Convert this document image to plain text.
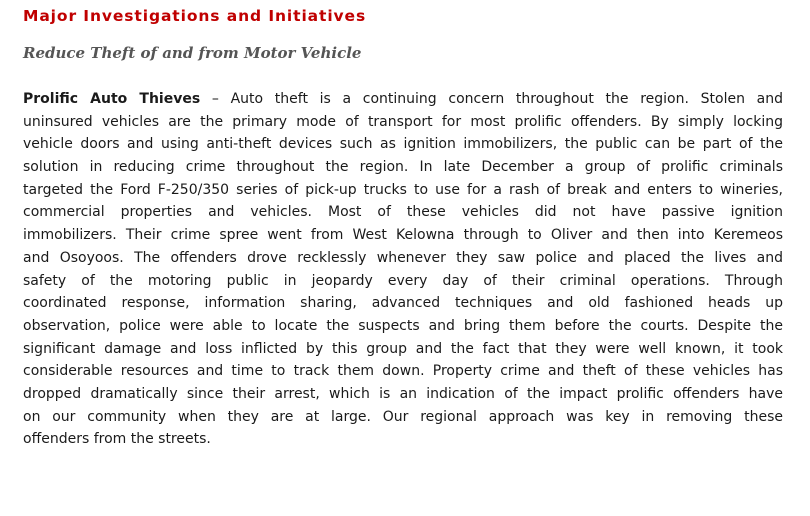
Major Investigations and Initiatives
Reduce Theft of and from Motor Vehicle
Prolific Auto Thieves – Auto theft is a continuing concern throughout the region. Stolen and
uninsured vehicles are the primary mode of transport for most prolific offenders. By simply locking
vehicle doors and using anti-theft devices such as ignition immobilizers, the public can be part of the
solution in reducing crime throughout the region. In late December a group of prolific criminals
targeted the Ford F-250/350 series of pick-up trucks to use for a rash of break and enters to wineries,
commercial properties and vehicles. Most of these vehicles did not have passive ignition
immobilizers. Their crime spree went from West Kelowna through to Oliver and then into Keremeos
and Osoyoos. The offenders drove recklessly whenever they saw police and placed the lives and
safety of the motoring public in jeopardy every day of their criminal operations. Through
coordinated response, information sharing, advanced techniques and old fashioned heads up
observation, police were able to locate the suspects and bring them before the courts. Despite the
significant damage and loss inflicted by this group and the fact that they were well known, it took
considerable resources and time to track them down. Property crime and theft of these vehicles has
dropped dramatically since their arrest, which is an indication of the impact prolific offenders have
on our community when they are at large. Our regional approach was key in removing these
offenders from the streets.
